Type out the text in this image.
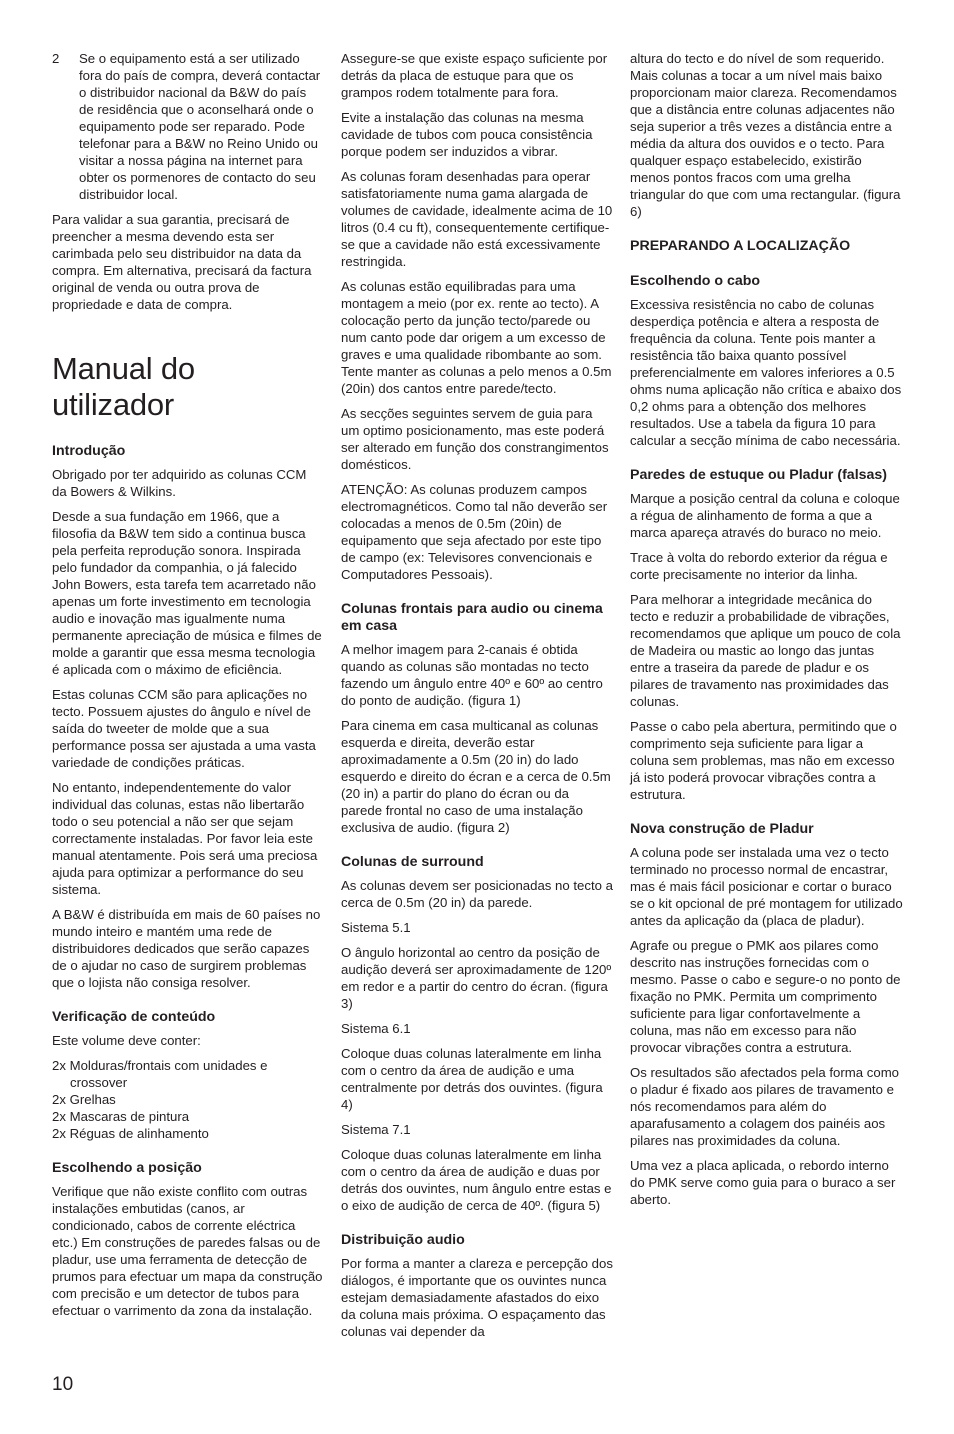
2	Se o equipamento está a ser utilizado fora do país de compra, deverá contactar o distribuidor nacional da B&W do país de residência que o aconselhará onde o equipamento pode ser reparado. Pode telefonar para a B&W no Reino Unido ou visitar a nossa página na internet para obter os pormenores de contacto do seu distribuidor local.

Para validar a sua garantia, precisará de preencher a mesma devendo esta ser carimbada pelo seu distribuidor na data da compra. Em alternativa, precisará da factura original de venda ou outra prova de propriedade e data de compra.

Manual do utilizador
Introdução

Obrigado por ter adquirido as colunas CCM da Bowers & Wilkins.

Desde a sua fundação em 1966, que a filosofia da B&W tem sido a continua busca pela perfeita reprodução sonora. Inspirada pelo fundador da companhia, o já falecido John Bowers, esta tarefa tem acarretado não apenas um forte investimento em tecnologia audio e inovação mas igualmente numa permanente apreciação de música e filmes de molde a garantir que essa mesma tecnologia é aplicada com o máximo de eficiência.

Estas colunas CCM são para aplicações no tecto. Possuem ajustes do ângulo e nível de saída do tweeter de molde que a sua performance possa ser ajustada a uma vasta variedade de condições práticas.

No entanto, independentemente do valor individual das colunas, estas não libertarão todo o seu potencial a não ser que sejam correctamente instaladas. Por favor leia este manual atentamente. Pois será uma preciosa ajuda para optimizar a performance do seu sistema.

A B&W é distribuída em mais de 60 países no mundo inteiro e mantém uma rede de distribuidores dedicados que serão capazes de o ajudar no caso de surgirem problemas que o lojista não consiga resolver.

Verificação de conteúdo

Este volume deve conter:

2x Molduras/frontais com unidades e crossover
2x Grelhas
2x Mascaras de pintura
2x Réguas de alinhamento
Escolhendo a posição

Verifique que não existe conflito com outras instalações embutidas (canos, ar condicionado, cabos de corrente eléctrica etc.) Em construções de paredes falsas ou de pladur, use uma ferramenta de detecção de prumos para efectuar um mapa da construção com precisão e um detector de tubos para efectuar o varrimento da zona da instalação.

Assegure-se que existe espaço suficiente por detrás da placa de estuque para que os grampos rodem totalmente para fora.

Evite a instalação das colunas na mesma cavidade de tubos com pouca consistência porque podem ser induzidos a vibrar.

As colunas foram desenhadas para operar satisfatoriamente numa gama alargada de volumes de cavidade, idealmente acima de 10 litros (0.4 cu ft), consequentemente certifique-se que a cavidade não está excessivamente restringida.

As colunas estão equilibradas para uma montagem a meio (por ex. rente ao tecto). A colocação perto da junção tecto/parede ou num canto pode dar origem a um excesso de graves e uma qualidade ribombante ao som. Tente manter as colunas a pelo menos a 0.5m (20in) dos cantos entre parede/tecto.

As secções seguintes servem de guia para um optimo posicionamento, mas este poderá ser alterado em função dos constrangimentos domésticos.

ATENÇÃO: As colunas produzem campos electromagnéticos. Como tal não deverão ser colocadas a menos de 0.5m (20in) de equipamento que seja afectado por este tipo de campo (ex: Televisores convencionais e Computadores Pessoais).

Colunas frontais para audio ou cinema em casa

A melhor imagem para 2-canais é obtida quando as colunas são montadas no tecto fazendo um ângulo entre 40º e 60º ao centro do ponto de audição. (figura 1)

Para cinema em casa multicanal as colunas esquerda e direita, deverão estar aproximadamente a 0.5m (20 in) do lado esquerdo e direito do écran e a cerca de 0.5m (20 in) a partir do plano do écran ou da parede frontal no caso de uma instalação exclusiva de audio. (figura 2)

Colunas de surround

As colunas devem ser posicionadas no tecto a cerca de 0.5m (20 in) da parede.

Sistema 5.1

O ângulo horizontal ao centro da posição de audição deverá ser aproximadamente de 120º em redor e a partir do centro do écran. (figura 3)

Sistema 6.1

Coloque duas colunas lateralmente em linha com o centro da área de audição e uma centralmente por detrás dos ouvintes. (figura 4)

Sistema 7.1

Coloque duas colunas lateralmente em linha com o centro da área de audição e duas por detrás dos ouvintes, num ângulo entre estas e o eixo de audição de cerca de 40º. (figura 5)

Distribuição audio

Por forma a manter a clareza e percepção dos diálogos, é importante que os ouvintes nunca estejam demasiadamente afastados do eixo da coluna mais próxima. O espaçamento das colunas vai depender da

altura do tecto e do nível de som requerido. Mais colunas a tocar a um nível mais baixo proporcionam maior clareza. Recomendamos que a distância entre colunas adjacentes não seja superior a três vezes a distância entre a média da altura dos ouvidos e o tecto. Para qualquer espaço estabelecido, existirão menos pontos fracos com uma grelha triangular do que com uma rectangular. (figura 6)

PREPARANDO A LOCALIZAÇÃO
Escolhendo o cabo

Excessiva resistência no cabo de colunas desperdiça potência e altera a resposta de frequência da coluna. Tente pois manter a resistência tão baixa quanto possível preferencialmente em valores inferiores a 0.5 ohms numa aplicação não crítica e abaixo dos 0,2 ohms para a obtenção dos melhores resultados. Use a tabela da figura 10 para calcular a secção mínima de cabo necessária.

Paredes de estuque ou Pladur (falsas)

Marque a posição central da coluna e coloque a régua de alinhamento de forma a que a marca apareça através do buraco no meio.

Trace à volta do rebordo exterior da régua e corte precisamente no interior da linha.

Para melhorar a integridade mecânica do tecto e reduzir a probabilidade de vibrações, recomendamos que aplique um pouco de cola de Madeira ou mastic ao longo das juntas entre a traseira da parede de pladur e os pilares de travamento nas proximidades das colunas.

Passe o cabo pela abertura, permitindo que o comprimento seja suficiente para ligar a coluna sem problemas, mas não em excesso já isto poderá provocar vibrações contra a estrutura.

Nova construção de Pladur

A coluna pode ser instalada uma vez o tecto terminado no processo normal de encastrar, mas é mais fácil posicionar e cortar o buraco se o kit opcional de pré montagem for utilizado antes da aplicação da (placa de pladur).

Agrafe ou pregue o PMK aos pilares como descrito nas instruções fornecidas com o mesmo. Passe o cabo e segure-o no ponto de fixação no PMK. Permita um comprimento suficiente para ligar confortavelmente a coluna, mas não em excesso para não provocar vibrações contra a estrutura.

Os resultados são afectados pela forma como o pladur é fixado aos pilares de travamento e nós recomendamos para além do aparafusamento a colagem dos painéis aos pilares nas proximidades da coluna.

Uma vez a placa aplicada, o rebordo interno do PMK serve como guia para o buraco a ser aberto.

10
